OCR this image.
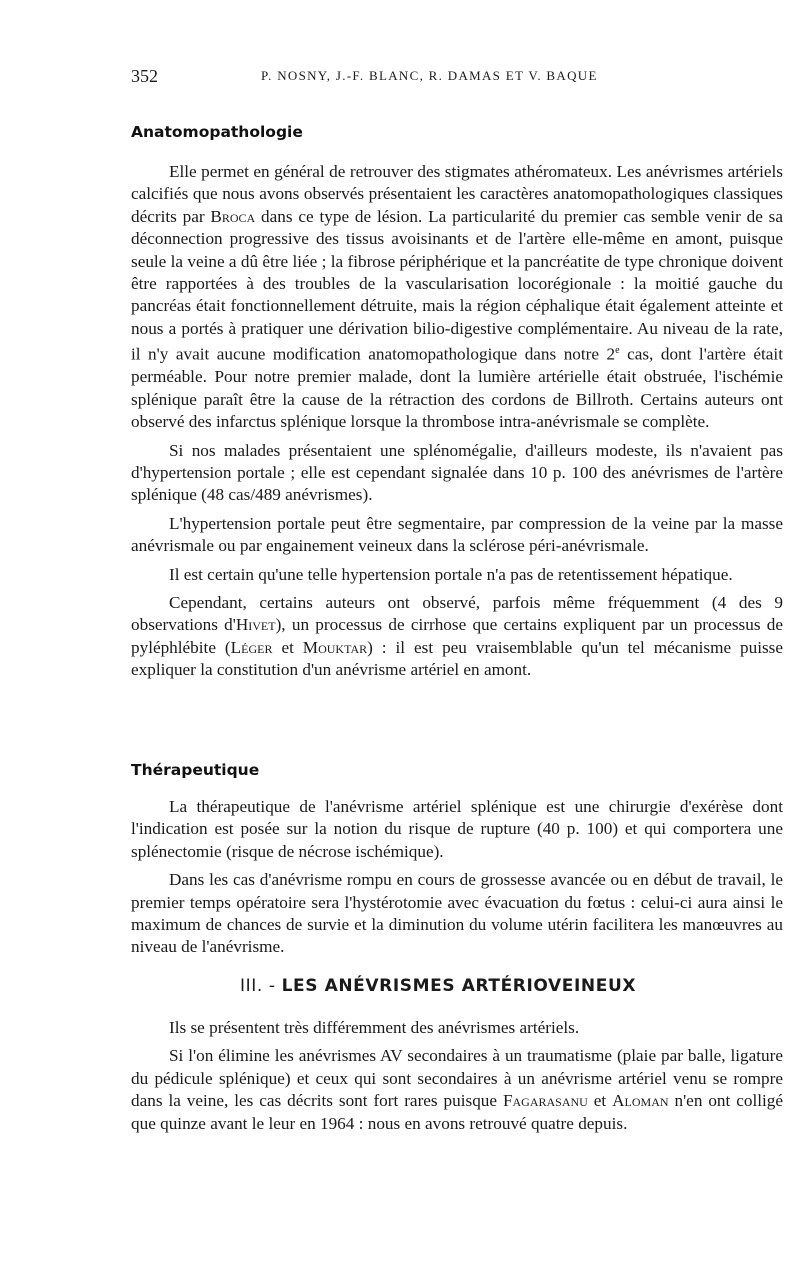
352	P. NOSNY, J.-F. BLANC, R. DAMAS ET V. BAQUE
Anatomopathologie

Elle permet en général de retrouver des stigmates athéromateux. Les anévrismes artériels calcifiés que nous avons observés présentaient les caractères anatomopathologiques classiques décrits par Broca dans ce type de lésion. La particularité du premier cas semble venir de sa déconnection progressive des tissus avoisinants et de l'artère elle-même en amont, puisque seule la veine a dû être liée ; la fibrose périphérique et la pancréatite de type chronique doivent être rapportées à des troubles de la vascularisation locorégionale : la moitié gauche du pancréas était fonctionnellement détruite, mais la région céphalique était également atteinte et nous a portés à pratiquer une dérivation bilio-digestive complémentaire. Au niveau de la rate, il n'y avait aucune modification anatomopathologique dans notre 2e cas, dont l'artère était perméable. Pour notre premier malade, dont la lumière artérielle était obstruée, l'ischémie splénique paraît être la cause de la rétraction des cordons de Billroth. Certains auteurs ont observé des infarctus splénique lorsque la thrombose intra-anévrismale se complète.

Si nos malades présentaient une splénomégalie, d'ailleurs modeste, ils n'avaient pas d'hypertension portale ; elle est cependant signalée dans 10 p. 100 des anévrismes de l'artère splénique (48 cas/489 anévrismes).

L'hypertension portale peut être segmentaire, par compression de la veine par la masse anévrismale ou par engainement veineux dans la sclérose péri-anévrismale.

Il est certain qu'une telle hypertension portale n'a pas de retentissement hépatique.

Cependant, certains auteurs ont observé, parfois même fréquemment (4 des 9 observations d'Hivet), un processus de cirrhose que certains expliquent par un processus de pyléphlébite (Léger et Mouktar) : il est peu vraisemblable qu'un tel mécanisme puisse expliquer la constitution d'un anévrisme artériel en amont.

Thérapeutique

La thérapeutique de l'anévrisme artériel splénique est une chirurgie d'exérèse dont l'indication est posée sur la notion du risque de rupture (40 p. 100) et qui comportera une splénectomie (risque de nécrose ischémique).

Dans les cas d'anévrisme rompu en cours de grossesse avancée ou en début de travail, le premier temps opératoire sera l'hystérotomie avec évacuation du fœtus : celui-ci aura ainsi le maximum de chances de survie et la diminution du volume utérin facilitera les manœuvres au niveau de l'anévrisme.

III. - LES ANÉVRISMES ARTÉRIOVEINEUX

Ils se présentent très différemment des anévrismes artériels.

Si l'on élimine les anévrismes AV secondaires à un traumatisme (plaie par balle, ligature du pédicule splénique) et ceux qui sont secondaires à un anévrisme artériel venu se rompre dans la veine, les cas décrits sont fort rares puisque Fagarasanu et Aloman n'en ont colligé que quinze avant le leur en 1964 : nous en avons retrouvé quatre depuis.
